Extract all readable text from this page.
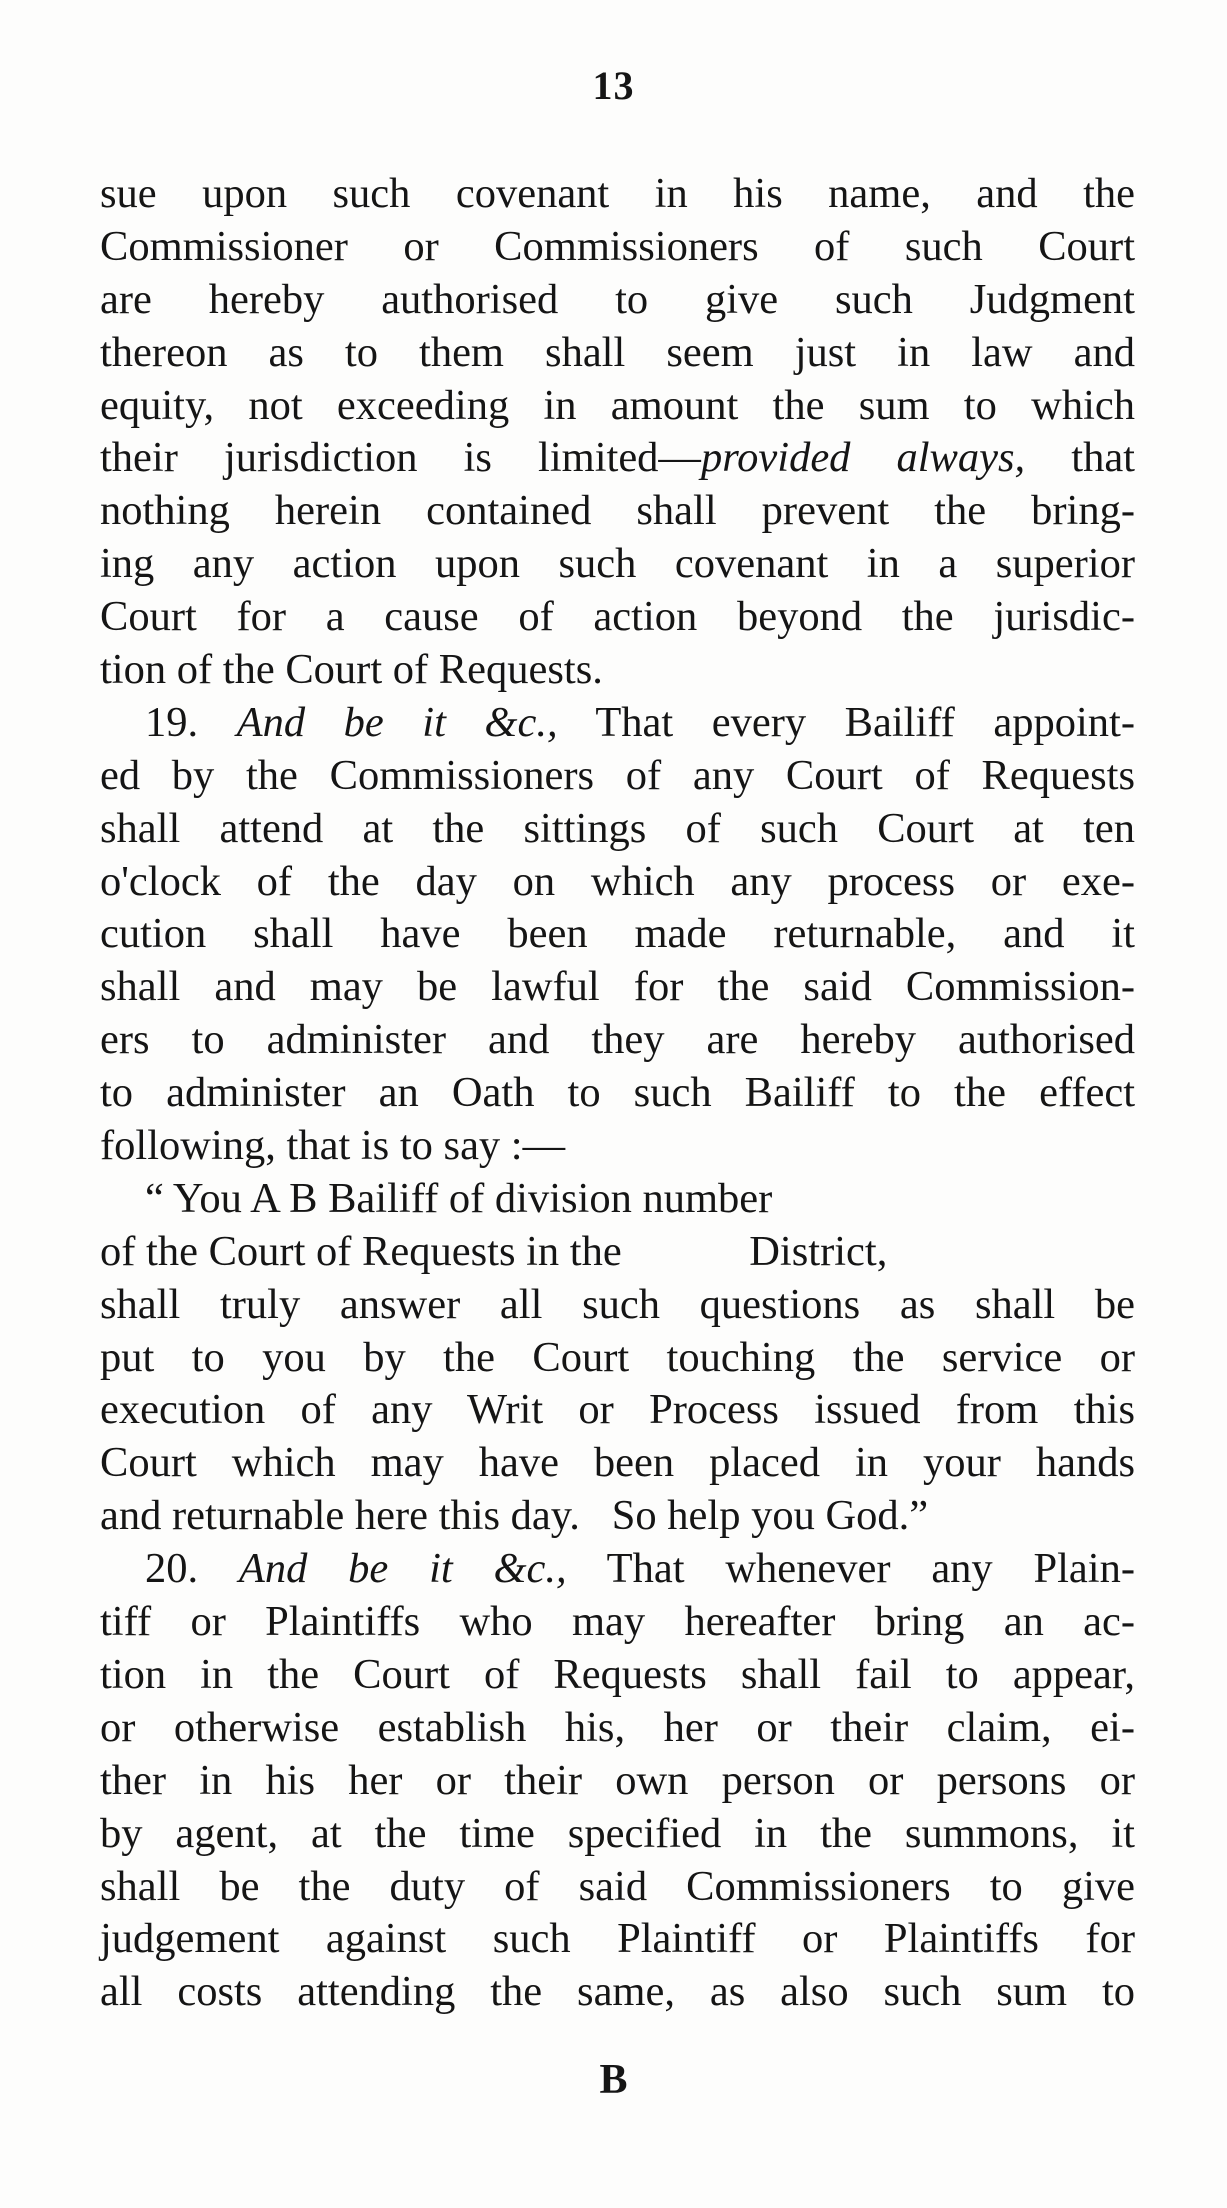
13
sue upon such covenant in his name, and the
Commissioner or Commissioners of such Court
are hereby authorised to give such Judgment
thereon as to them shall seem just in law and
equity, not exceeding in amount the sum to which
their jurisdiction is limited—provided always, that
nothing herein contained shall prevent the bring-
ing any action upon such covenant in a superior
Court for a cause of action beyond the jurisdic-
tion of the Court of Requests.
19. And be it &c., That every Bailiff appoint-
ed by the Commissioners of any Court of Requests
shall attend at the sittings of such Court at ten
o'clock of the day on which any process or exe-
cution shall have been made returnable, and it
shall and may be lawful for the said Commission-
ers to administer and they are hereby authorised
to administer an Oath to such Bailiff to the effect
following, that is to say :—
“ You A B Bailiff of division number
of the Court of Requests in the            District,
shall truly answer all such questions as shall be
put to you by the Court touching the service or
execution of any Writ or Process issued from this
Court which may have been placed in your hands
and returnable here this day.   So help you God.”
20. And be it &c., That whenever any Plain-
tiff or Plaintiffs who may hereafter bring an ac-
tion in the Court of Requests shall fail to appear,
or otherwise establish his, her or their claim, ei-
ther in his her or their own person or persons or
by agent, at the time specified in the summons, it
shall be the duty of said Commissioners to give
judgement against such Plaintiff or Plaintiffs for
all costs attending the same, as also such sum to
B
